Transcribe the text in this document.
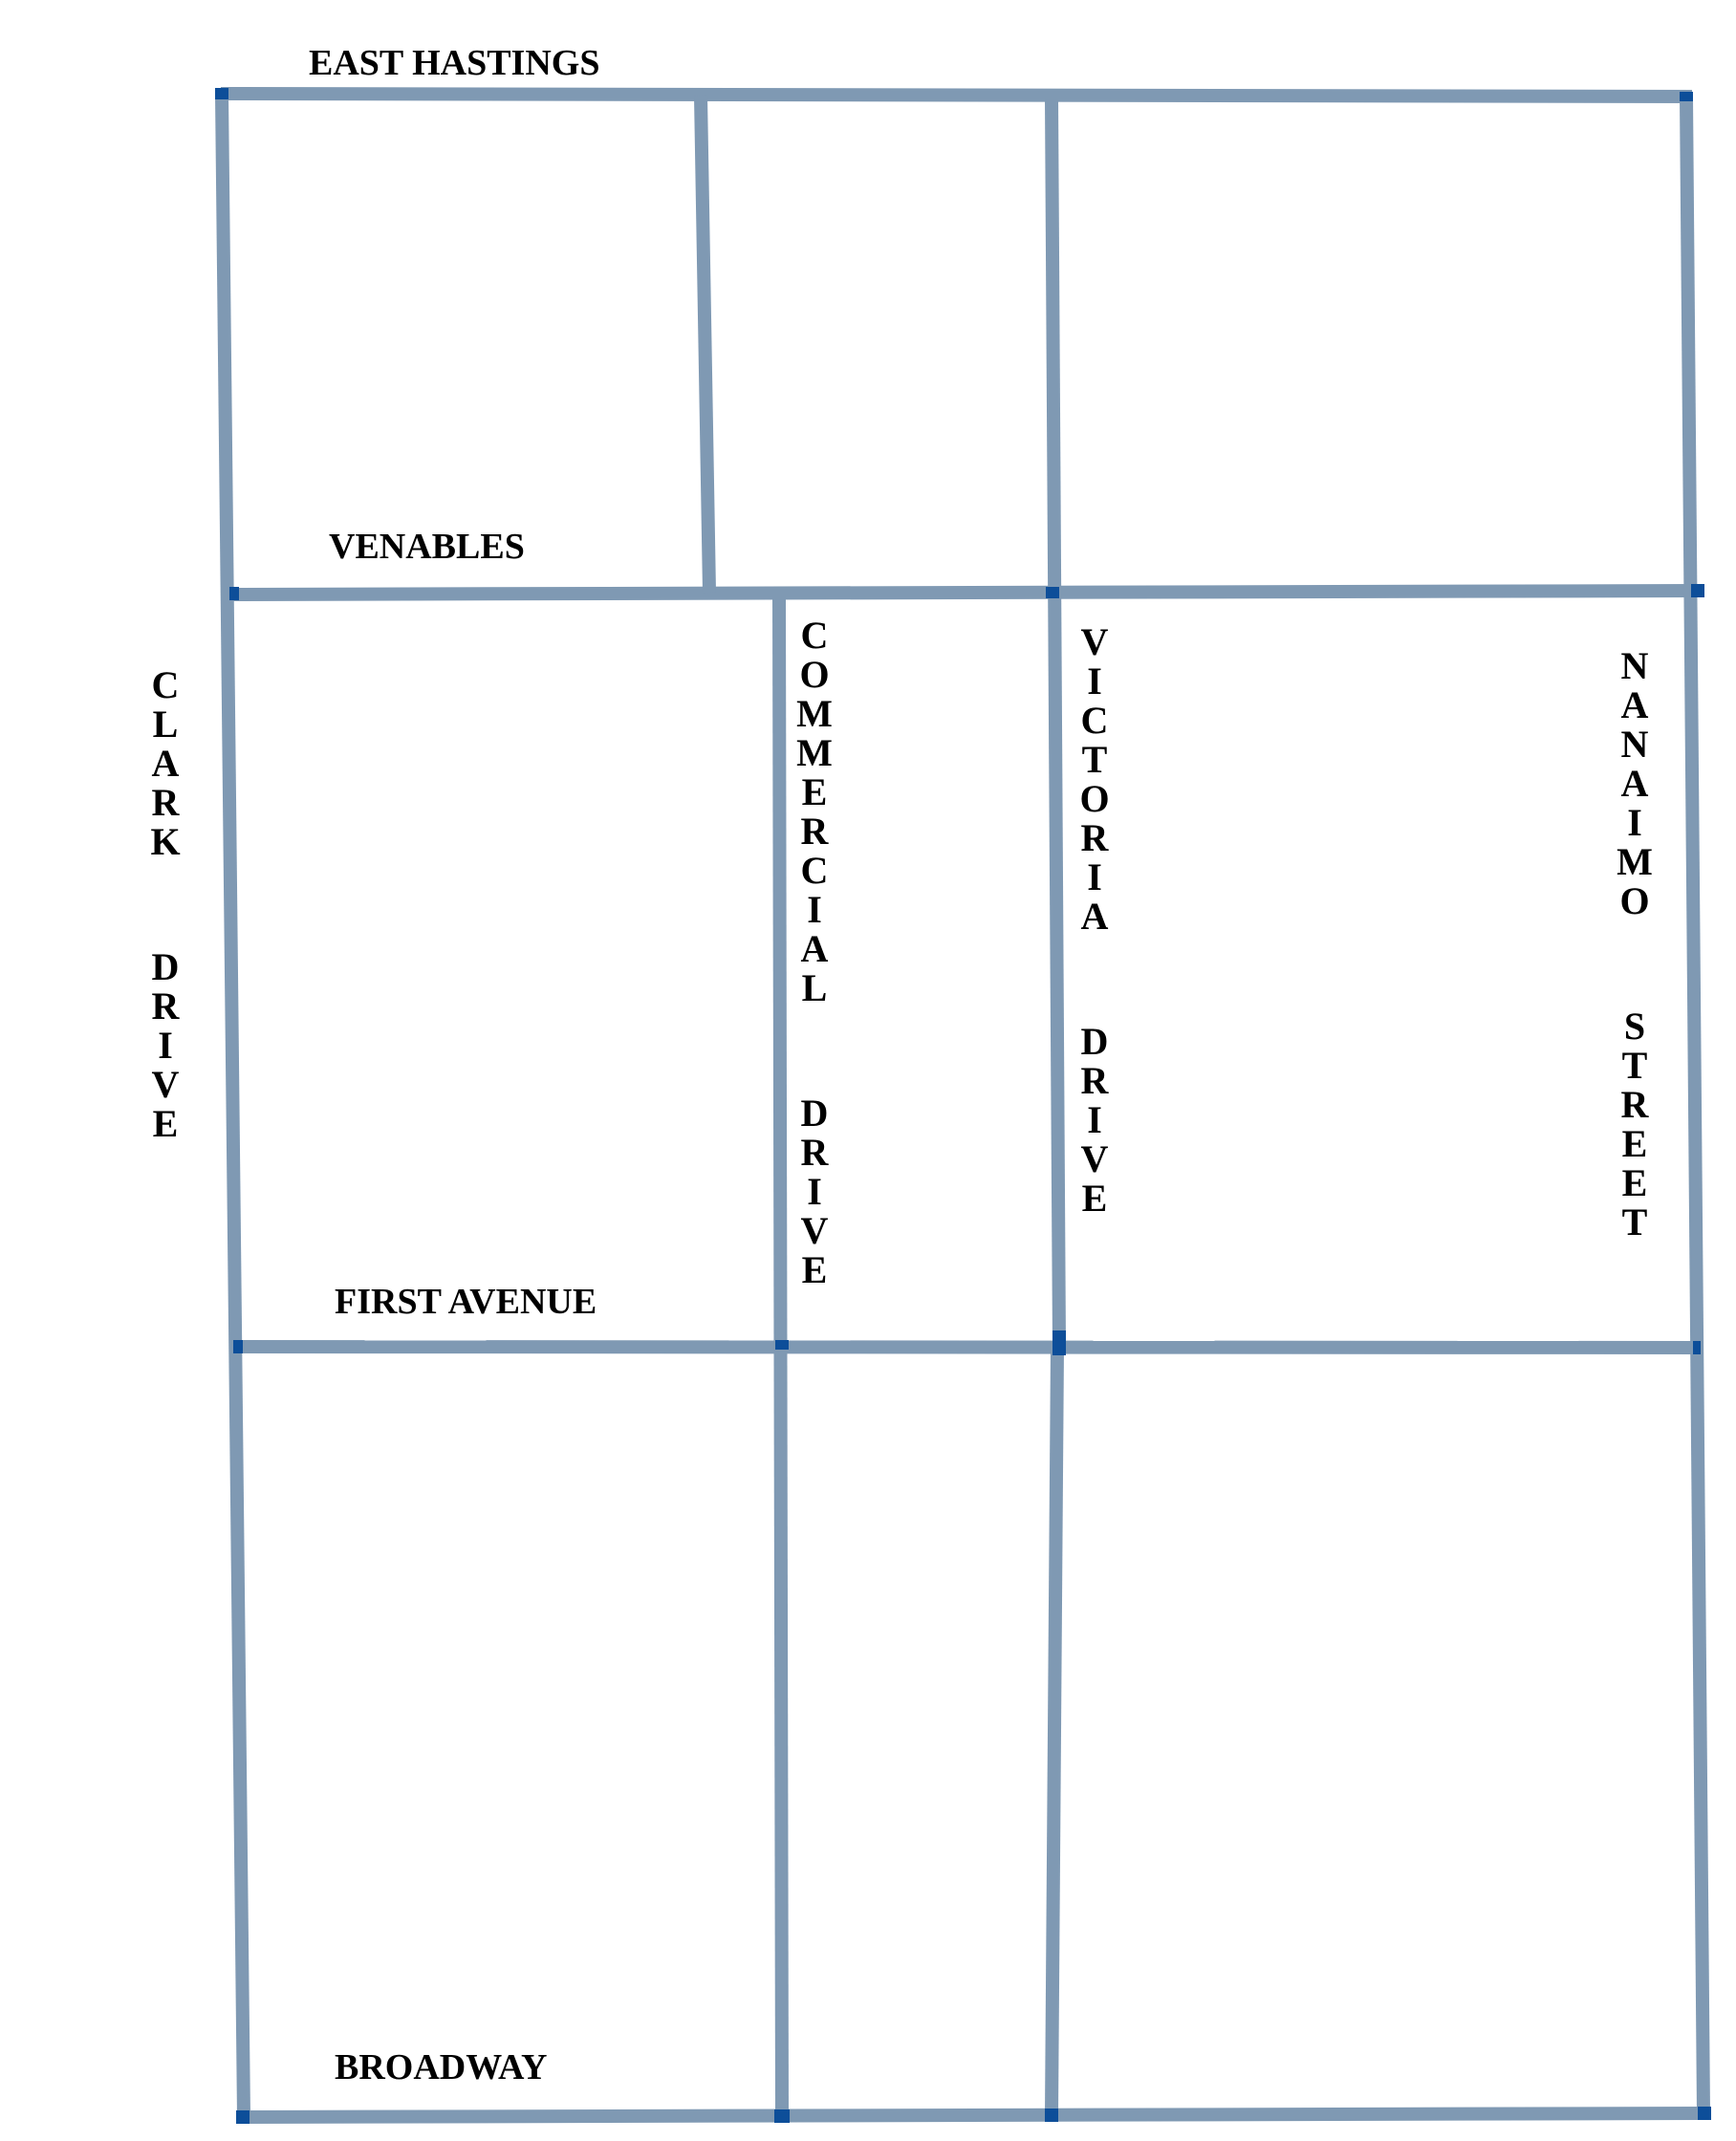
EAST HASTINGS
VENABLES
FIRST AVENUE
BROADWAY
C
L
A
R
K
D
R
I
V
E
C
O
M
M
E
R
C
I
A
L
D
R
I
V
E
V
I
C
T
O
R
I
A
D
R
I
V
E
N
A
N
A
I
M
O
S
T
R
E
E
T
